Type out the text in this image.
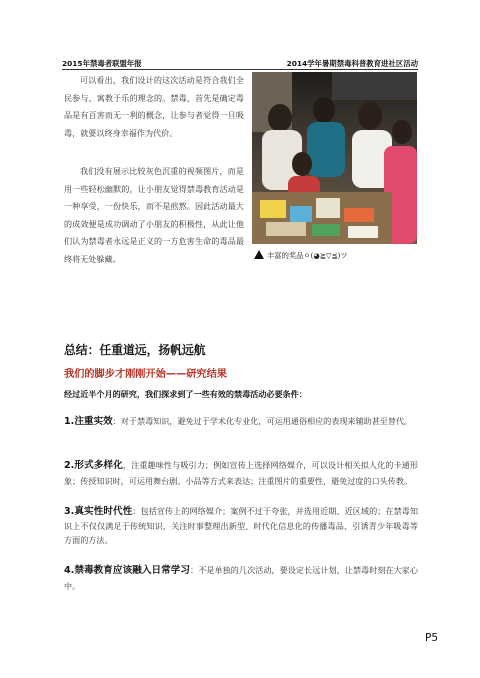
2015年禁毒者联盟年报	2014学年暑期禁毒科普教育进社区活动
可以看出，我们设计的这次活动是符合我们全民参与、寓教于乐的理念的。禁毒，首先是确定毒品是有百害而无一利的概念，让参与者觉得一旦吸毒，就要以终身幸福作为代价。
我们没有展示比较灰色沉重的视频图片，而是用一些轻松幽默的，让小朋友觉得禁毒教育活动是一种享受，一份快乐，而不是煎熬。因此活动最大的成效便是成功调动了小朋友的积极性，从此让他们认为禁毒者永远是正义的一方危害生命的毒品最终将无处躲藏。	丰富的奖品ㅇ(◕≧▽≦)ツ
总结：任重道远，扬帆远航
我们的脚步才刚刚开始——研究结果
经过近半个月的研究，我们探求到了一些有效的禁毒活动必要条件：
1.注重实效：对于禁毒知识，避免过于学术化专业化，可运用通俗相应的表现来辅助甚至替代。
2.形式多样化，注重趣味性与吸引力；例如宣传上选择网络媒介，可以设计相关拟人化的卡通形象；传授知识时，可运用舞台剧、小品等方式来表达；注重图片的重要性，避免过度的口头传教。
3.真实性时代性：包括宣传上的网络媒介；案例不过于夸张，并选用近期、近区域的；在禁毒知识上不仅仅满足于传统知识，关注时事整理出新型、时代化信息化的传播毒品、引诱青少年吸毒等方面的方法。
4.禁毒教育应该融入日常学习：不是单独的几次活动，要设定长远计划，让禁毒时刻在大家心中。
P5
